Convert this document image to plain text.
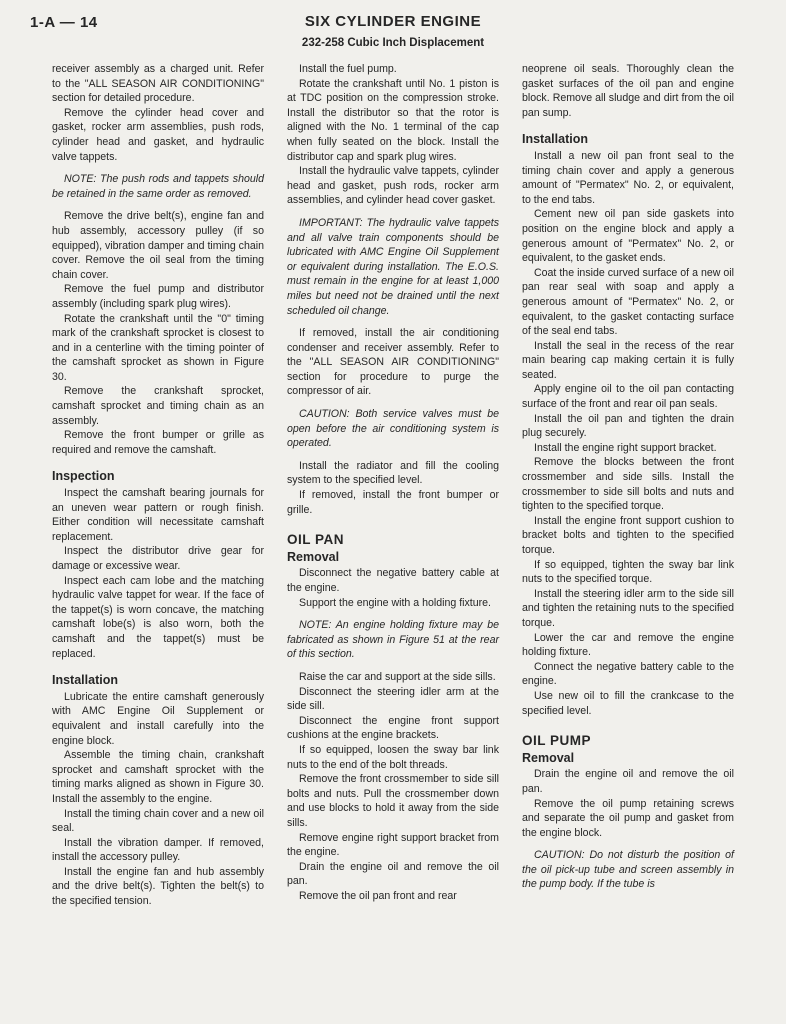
1-A — 14	SIX CYLINDER ENGINE
232-258 Cubic Inch Displacement

receiver assembly as a charged unit. Refer to the "ALL SEASON AIR CONDITIONING" section for detailed procedure.

Remove the cylinder head cover and gasket, rocker arm assemblies, push rods, cylinder head and gasket, and hydraulic valve tappets.

NOTE: The push rods and tappets should be retained in the same order as removed.

Remove the drive belt(s), engine fan and hub assembly, accessory pulley (if so equipped), vibration damper and timing chain cover. Remove the oil seal from the timing chain cover.

Remove the fuel pump and distributor assembly (including spark plug wires).

Rotate the crankshaft until the "0" timing mark of the crankshaft sprocket is closest to and in a centerline with the timing pointer of the camshaft sprocket as shown in Figure 30.

Remove the crankshaft sprocket, camshaft sprocket and timing chain as an assembly.

Remove the front bumper or grille as required and remove the camshaft.

Inspection

Inspect the camshaft bearing journals for an uneven wear pattern or rough finish. Either condition will necessitate camshaft replacement.

Inspect the distributor drive gear for damage or excessive wear.

Inspect each cam lobe and the matching hydraulic valve tappet for wear. If the face of the tappet(s) is worn concave, the matching camshaft lobe(s) is also worn, both the camshaft and the tappet(s) must be replaced.

Installation

Lubricate the entire camshaft generously with AMC Engine Oil Supplement or equivalent and install carefully into the engine block.

Assemble the timing chain, crankshaft sprocket and camshaft sprocket with the timing marks aligned as shown in Figure 30. Install the assembly to the engine.

Install the timing chain cover and a new oil seal.

Install the vibration damper. If removed, install the accessory pulley.

Install the engine fan and hub assembly and the drive belt(s). Tighten the belt(s) to the specified tension.

Install the fuel pump.

Rotate the crankshaft until No. 1 piston is at TDC position on the compression stroke. Install the distributor so that the rotor is aligned with the No. 1 terminal of the cap when fully seated on the block. Install the distributor cap and spark plug wires.

Install the hydraulic valve tappets, cylinder head and gasket, push rods, rocker arm assemblies, and cylinder head cover gasket.

IMPORTANT: The hydraulic valve tappets and all valve train components should be lubricated with AMC Engine Oil Supplement or equivalent during installation. The E.O.S. must remain in the engine for at least 1,000 miles but need not be drained until the next scheduled oil change.

If removed, install the air conditioning condenser and receiver assembly. Refer to the "ALL SEASON AIR CONDITIONING" section for procedure to purge the compressor of air.

CAUTION: Both service valves must be open before the air conditioning system is operated.

Install the radiator and fill the cooling system to the specified level.

If removed, install the front bumper or grille.

OIL PAN
Removal

Disconnect the negative battery cable at the engine.

Support the engine with a holding fixture.

NOTE: An engine holding fixture may be fabricated as shown in Figure 51 at the rear of this section.

Raise the car and support at the side sills.

Disconnect the steering idler arm at the side sill.

Disconnect the engine front support cushions at the engine brackets.

If so equipped, loosen the sway bar link nuts to the end of the bolt threads.

Remove the front crossmember to side sill bolts and nuts. Pull the crossmember down and use blocks to hold it away from the side sills.

Remove engine right support bracket from the engine.

Drain the engine oil and remove the oil pan.

Remove the oil pan front and rear

neoprene oil seals. Thoroughly clean the gasket surfaces of the oil pan and engine block. Remove all sludge and dirt from the oil pan sump.

Installation

Install a new oil pan front seal to the timing chain cover and apply a generous amount of "Permatex" No. 2, or equivalent, to the end tabs.

Cement new oil pan side gaskets into position on the engine block and apply a generous amount of "Permatex" No. 2, or equivalent, to the gasket ends.

Coat the inside curved surface of a new oil pan rear seal with soap and apply a generous amount of "Permatex" No. 2, or equivalent, to the gasket contacting surface of the seal end tabs.

Install the seal in the recess of the rear main bearing cap making certain it is fully seated.

Apply engine oil to the oil pan contacting surface of the front and rear oil pan seals.

Install the oil pan and tighten the drain plug securely.

Install the engine right support bracket.

Remove the blocks between the front crossmember and side sills. Install the crossmember to side sill bolts and nuts and tighten to the specified torque.

Install the engine front support cushion to bracket bolts and tighten to the specified torque.

If so equipped, tighten the sway bar link nuts to the specified torque.

Install the steering idler arm to the side sill and tighten the retaining nuts to the specified torque.

Lower the car and remove the engine holding fixture.

Connect the negative battery cable to the engine.

Use new oil to fill the crankcase to the specified level.

OIL PUMP
Removal

Drain the engine oil and remove the oil pan.

Remove the oil pump retaining screws and separate the oil pump and gasket from the engine block.

CAUTION: Do not disturb the position of the oil pick-up tube and screen assembly in the pump body. If the tube is
